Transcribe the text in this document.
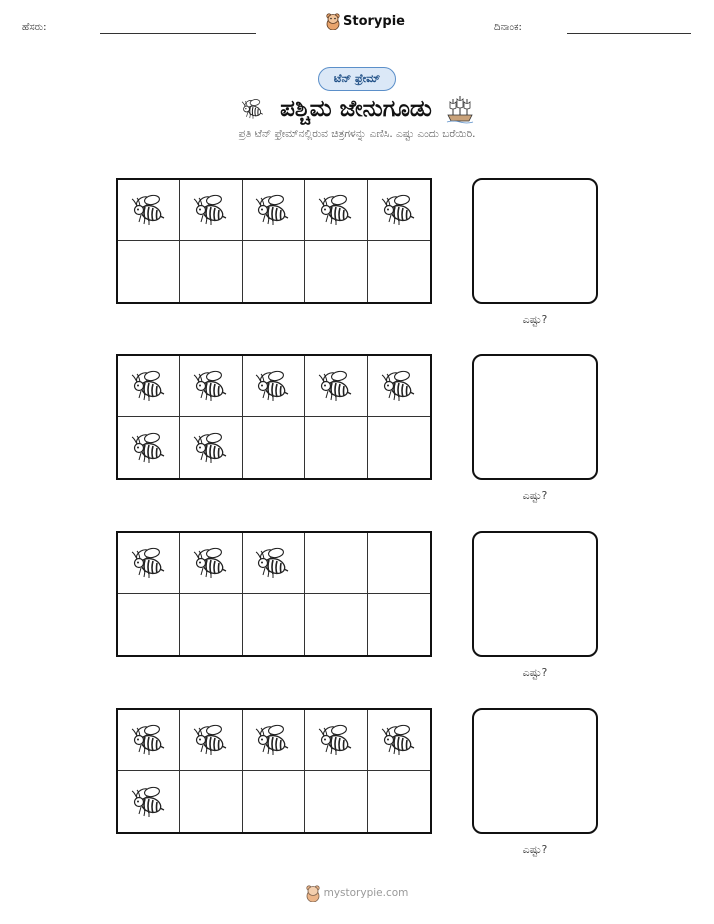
ಹೆಸರು:	ದಿನಾಂಕ:
Storypie
ಟೆನ್ ಫ್ರೇಮ್
ಪಶ್ಚಿಮ ಜೇನುಗೂಡು
ಪ್ರತಿ ಟೆನ್ ಫ್ರೇಮ್‌ನಲ್ಲಿರುವ ಚಿತ್ರಗಳನ್ನು ಎಣಿಸಿ. ಎಷ್ಟು ಎಂದು ಬರೆಯಿರಿ.
ಎಷ್ಟು?
ಎಷ್ಟು?
ಎಷ್ಟು?
ಎಷ್ಟು?
mystorypie.com
